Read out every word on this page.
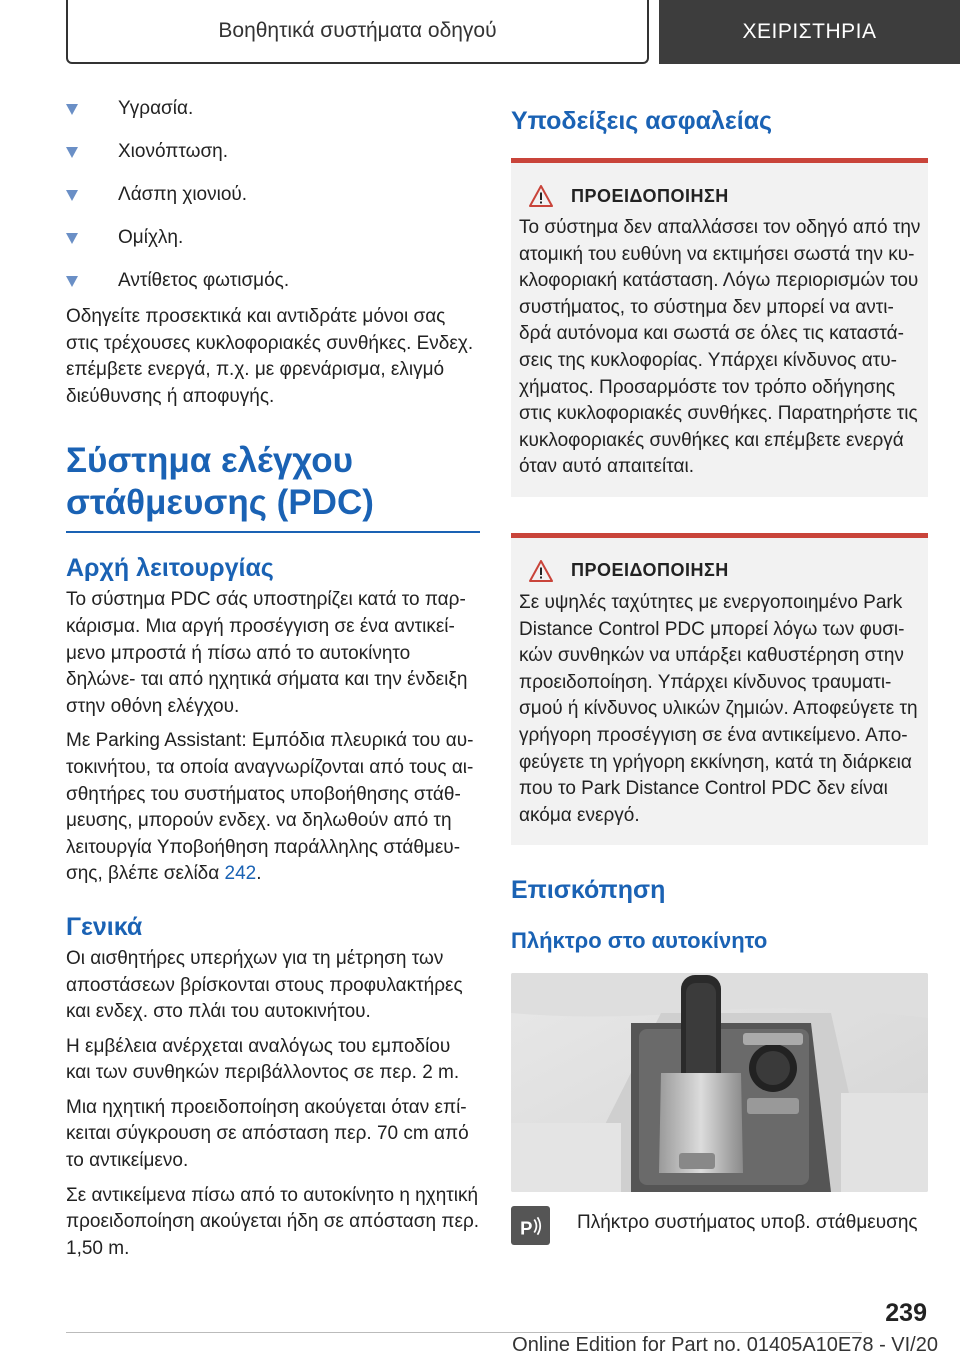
Βοηθητικά συστήματα οδηγού	ΧΕΙΡΙΣΤΗΡΙΑ
Υγρασία.
Χιονόπτωση.
Λάσπη χιονιού.
Ομίχλη.
Αντίθετος φωτισμός.

Οδηγείτε προσεκτικά και αντιδράτε μόνοι σας στις τρέχουσες κυκλοφοριακές συνθήκες. Ενδεχ. επέμβετε ενεργά, π.χ. με φρενάρισμα, ελιγμό διεύθυνσης ή αποφυγής.

Σύστημα ελέγχου
στάθμευσης (PDC)
Αρχή λειτουργίας

Το σύστημα PDC σάς υποστηρίζει κατά το παρ- κάρισμα. Μια αργή προσέγγιση σε ένα αντικεί- μενο μπροστά ή πίσω από το αυτοκίνητο δηλώνε- ται από ηχητικά σήματα και την ένδειξη στην οθόνη ελέγχου.

Με Parking Assistant: Εμπόδια πλευρικά του αυ- τοκινήτου, τα οποία αναγνωρίζονται από τους αι- σθητήρες του συστήματος υποβοήθησης στάθ- μευσης, μπορούν ενδεχ. να δηλωθούν από τη λειτουργία Υποβοήθηση παράλληλης στάθμευ- σης, βλέπε σελίδα 242.

Γενικά

Οι αισθητήρες υπερήχων για τη μέτρηση των αποστάσεων βρίσκονται στους προφυλακτήρες και ενδεχ. στο πλάι του αυτοκινήτου.

Η εμβέλεια ανέρχεται αναλόγως του εμποδίου και των συνθηκών περιβάλλοντος σε περ. 2 m.

Μια ηχητική προειδοποίηση ακούγεται όταν επί- κειται σύγκρουση σε απόσταση περ. 70 cm από το αντικείμενο.

Σε αντικείμενα πίσω από το αυτοκίνητο η ηχητική προειδοποίηση ακούγεται ήδη σε απόσταση περ. 1,50 m.

Υποδείξεις ασφαλείας
ΠΡΟΕΙΔΟΠΟΙΗΣΗ

Το σύστημα δεν απαλλάσσει τον οδηγό από την ατομική του ευθύνη να εκτιμήσει σωστά την κυ- κλοφοριακή κατάσταση. Λόγω περιορισμών του συστήματος, το σύστημα δεν μπορεί να αντι- δρά αυτόνομα και σωστά σε όλες τις καταστά- σεις της κυκλοφορίας. Υπάρχει κίνδυνος ατυ- χήματος. Προσαρμόστε τον τρόπο οδήγησης στις κυκλοφοριακές συνθήκες. Παρατηρήστε τις κυκλοφοριακές συνθήκες και επέμβετε ενεργά όταν αυτό απαιτείται.

ΠΡΟΕΙΔΟΠΟΙΗΣΗ

Σε υψηλές ταχύτητες με ενεργοποιημένο Park Distance Control PDC μπορεί λόγω των φυσι- κών συνθηκών να υπάρξει καθυστέρηση στην προειδοποίηση. Υπάρχει κίνδυνος τραυματι- σμού ή κίνδυνος υλικών ζημιών. Αποφεύγετε τη γρήγορη προσέγγιση σε ένα αντικείμενο. Απο- φεύγετε τη γρήγορη εκκίνηση, κατά τη διάρκεια που το Park Distance Control PDC δεν είναι ακόμα ενεργό.

Επισκόπηση
Πλήκτρο στο αυτοκίνητο
P Πλήκτρο συστήματος υποβ. στάθμευσης
239
Online Edition for Part no. 01405A10E78 - VI/20
